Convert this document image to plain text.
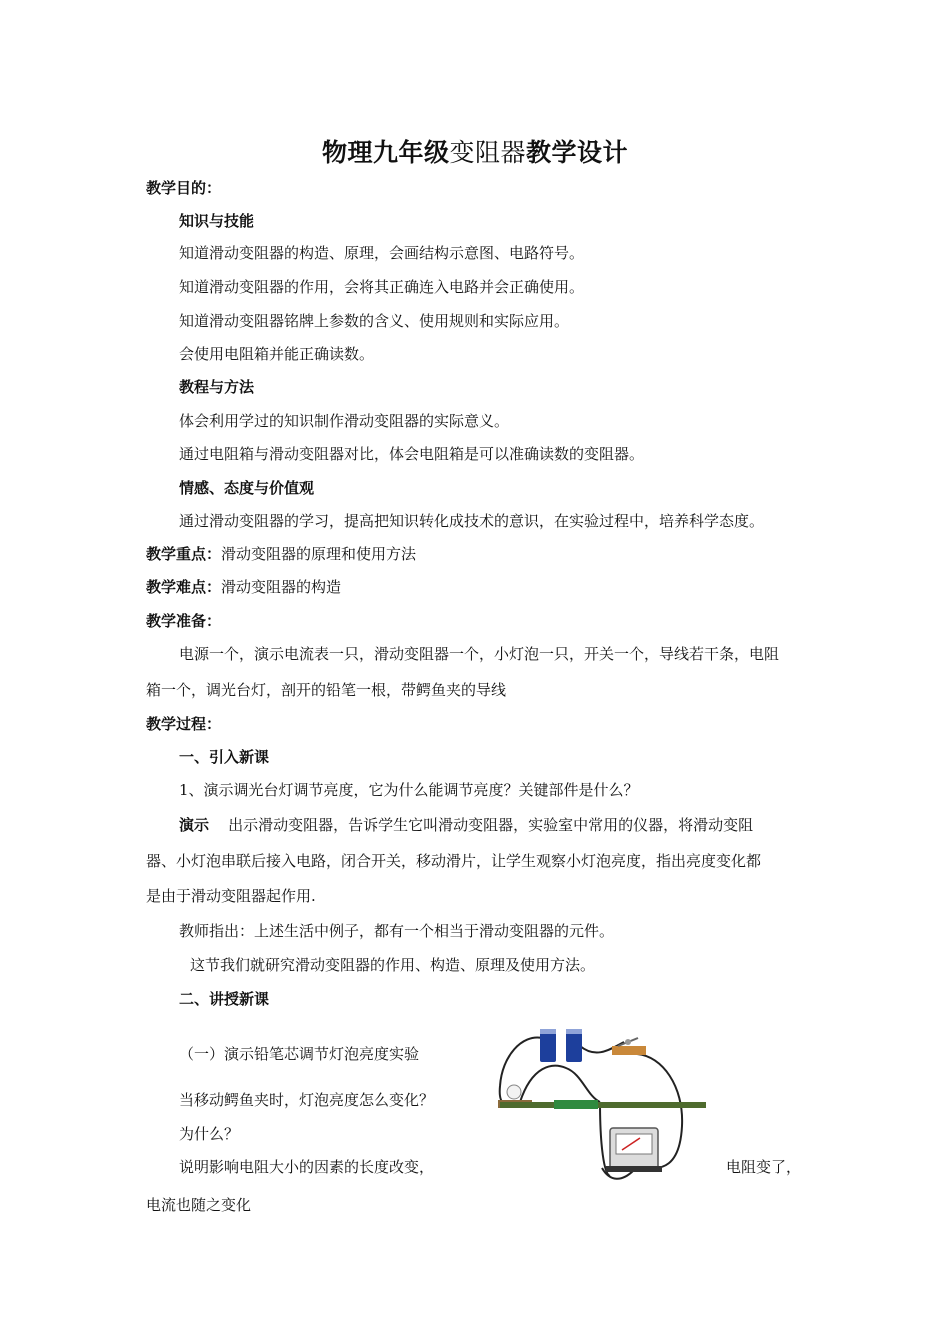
物理九年级变阻器教学设计
教学目的：
知识与技能
知道滑动变阻器的构造、原理，会画结构示意图、电路符号。
知道滑动变阻器的作用，会将其正确连入电路并会正确使用。
知道滑动变阻器铭牌上参数的含义、使用规则和实际应用。
会使用电阻箱并能正确读数。
教程与方法
体会利用学过的知识制作滑动变阻器的实际意义。
通过电阻箱与滑动变阻器对比，体会电阻箱是可以准确读数的变阻器。
情感、态度与价值观
通过滑动变阻器的学习，提高把知识转化成技术的意识，在实验过程中，培养科学态度。
教学重点：滑动变阻器的原理和使用方法
教学难点：滑动变阻器的构造
教学准备：
电源一个，演示电流表一只，滑动变阻器一个，小灯泡一只，开关一个，导线若干条，电阻
箱一个，调光台灯，剖开的铅笔一根，带鳄鱼夹的导线
教学过程：
一、引入新课
1、演示调光台灯调节亮度，它为什么能调节亮度？关键部件是什么？
演示 出示滑动变阻器，告诉学生它叫滑动变阻器，实验室中常用的仪器，将滑动变阻
器、小灯泡串联后接入电路，闭合开关，移动滑片，让学生观察小灯泡亮度，指出亮度变化都
是由于滑动变阻器起作用.
教师指出：上述生活中例子，都有一个相当于滑动变阻器的元件。
这节我们就研究滑动变阻器的作用、构造、原理及使用方法。
二、讲授新课
（一）演示铅笔芯调节灯泡亮度实验
当移动鳄鱼夹时，灯泡亮度怎么变化？
为什么？
说明影响电阻大小的因素的长度改变，	电阻变了，
电流也随之变化
